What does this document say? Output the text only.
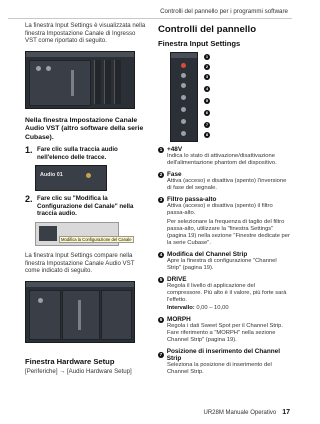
Controlli del pannello per i programmi software

La finestra Input Settings è visualizzata nella finestra Impostazione Canale di Ingresso VST come riportato di seguito.

Nella finestra Impostazione Canale Audio VST (altro software della serie Cubase).

1. Fare clic sulla traccia audio nell'elenco delle tracce.
Audio 01
2. Fare clic su "Modifica la Configurazione del Canale" nella traccia audio.
Modifica la Configurazione del Canale

La finestra Input Settings compare nella finestra Impostazione Canale Audio VST come indicato di seguito.

Finestra Hardware Setup

[Periferiche] → [Audio Hardware Setup]

Controlli del pannello

Finestra Input Settings

1
2
3
4
5
6
7
8
1 +48V

Indica lo stato di attivazione/disattivazione dell'alimentazione phantom del dispositivo.

2 Fase

Attiva (acceso) e disattiva (spento) l'inversione di fase del segnale.

3 Filtro passa-alto

Attiva (acceso) e disattiva (spento) il filtro passa-alto.

Per selezionare la frequenza di taglio del filtro passa-alto, utilizzare la "finestra Settings" (pagina 19) nella sezione "Finestre dedicate per la serie Cubase".

4 Modifica del Channel Strip

Apre la finestra di configurazione "Channel Strip" (pagina 19).

5 DRIVE

Regola il livello di applicazione del compressore. Più alto è il valore, più forte sarà l'effetto.

Intervallo: 0,00 – 10,00

6 MORPH

Regola i dati Sweet Spot per il Channel Strip. Fare riferimento a "MORPH" nella sezione Channel Strip" (pagina 19).

7 Posizione di inserimento del Channel Strip

Seleziona la posizione di inserimento del Channel Strip.

UR28M Manuale Operativo 17
